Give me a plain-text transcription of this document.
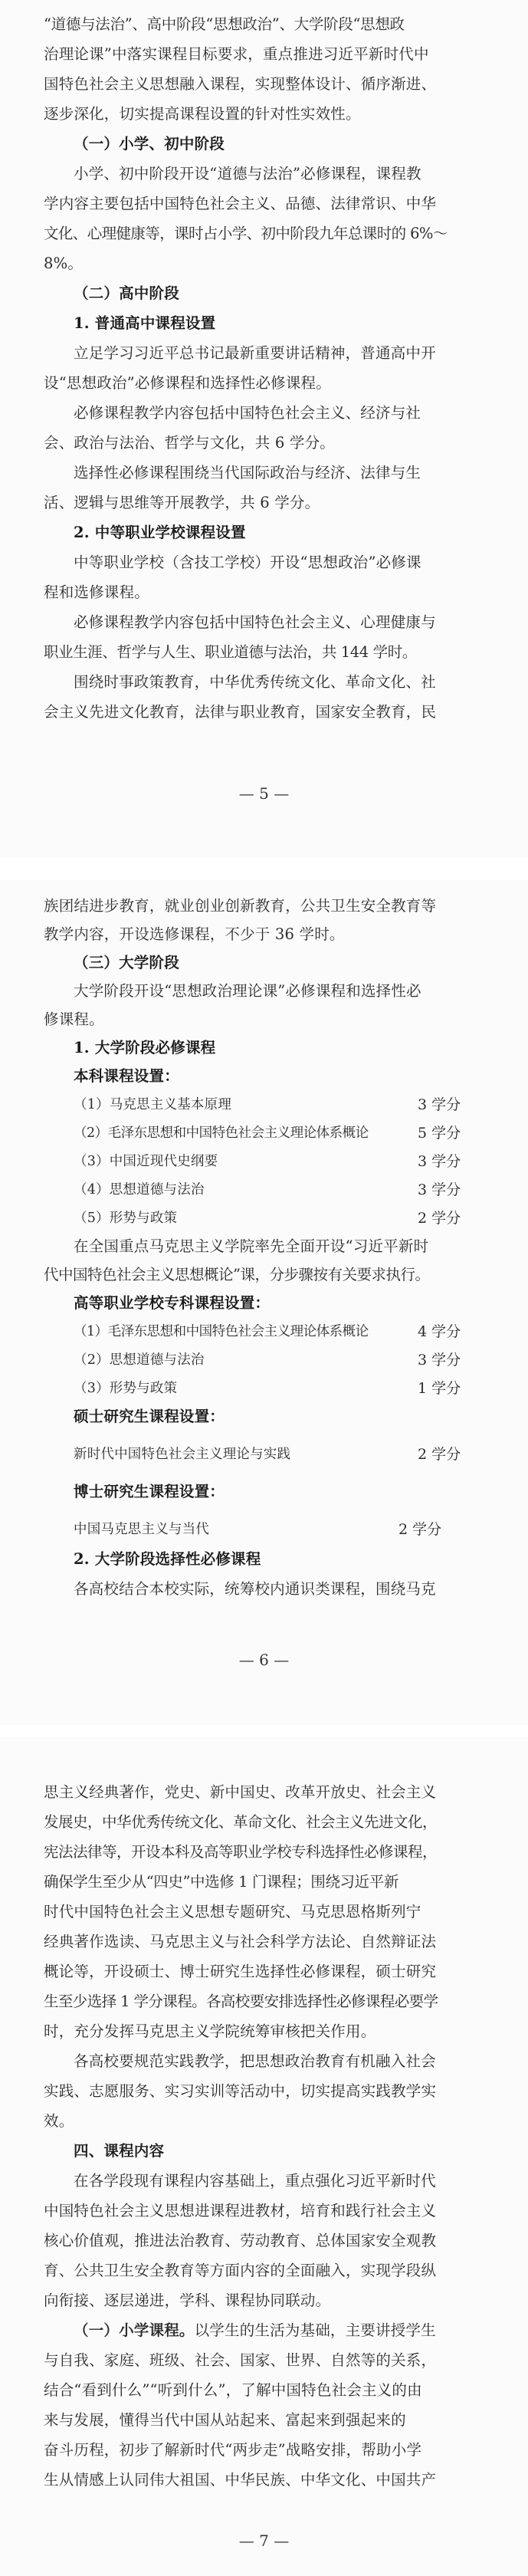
“道德与法治”、高中阶段“思想政治”、大学阶段“思想政
治理论课”中落实课程目标要求，重点推进习近平新时代中
国特色社会主义思想融入课程，实现整体设计、循序渐进、
逐步深化，切实提高课程设置的针对性实效性。
（一）小学、初中阶段
小学、初中阶段开设“道德与法治”必修课程，课程教
学内容主要包括中国特色社会主义、品德、法律常识、中华
文化、心理健康等，课时占小学、初中阶段九年总课时的 6%～
8%。
（二）高中阶段
1. 普通高中课程设置
立足学习习近平总书记最新重要讲话精神，普通高中开
设“思想政治”必修课程和选择性必修课程。
必修课程教学内容包括中国特色社会主义、经济与社
会、政治与法治、哲学与文化，共 6 学分。
选择性必修课程围绕当代国际政治与经济、法律与生
活、逻辑与思维等开展教学，共 6 学分。
2. 中等职业学校课程设置
中等职业学校（含技工学校）开设“思想政治”必修课
程和选修课程。
必修课程教学内容包括中国特色社会主义、心理健康与
职业生涯、哲学与人生、职业道德与法治，共 144 学时。
围绕时事政策教育，中华优秀传统文化、革命文化、社
会主义先进文化教育，法律与职业教育，国家安全教育，民
— 5 —
族团结进步教育，就业创业创新教育，公共卫生安全教育等
教学内容，开设选修课程，不少于 36 学时。
（三）大学阶段
大学阶段开设“思想政治理论课”必修课程和选择性必
修课程。
1. 大学阶段必修课程
本科课程设置：
（1）马克思主义基本原理	3 学分
（2）毛泽东思想和中国特色社会主义理论体系概论	5 学分
（3）中国近现代史纲要	3 学分
（4）思想道德与法治	3 学分
（5）形势与政策	2 学分
在全国重点马克思主义学院率先全面开设“习近平新时
代中国特色社会主义思想概论”课，分步骤按有关要求执行。
高等职业学校专科课程设置：
（1）毛泽东思想和中国特色社会主义理论体系概论	4 学分
（2）思想道德与法治	3 学分
（3）形势与政策	1 学分
硕士研究生课程设置：
新时代中国特色社会主义理论与实践	2 学分
博士研究生课程设置：
中国马克思主义与当代	2 学分
2. 大学阶段选择性必修课程
各高校结合本校实际，统筹校内通识类课程，围绕马克
— 6 —
思主义经典著作，党史、新中国史、改革开放史、社会主义
发展史，中华优秀传统文化、革命文化、社会主义先进文化，
宪法法律等，开设本科及高等职业学校专科选择性必修课程，
确保学生至少从“四史”中选修 1 门课程；围绕习近平新
时代中国特色社会主义思想专题研究、马克思恩格斯列宁
经典著作选读、马克思主义与社会科学方法论、自然辩证法
概论等，开设硕士、博士研究生选择性必修课程，硕士研究
生至少选择 1 学分课程。各高校要安排选择性必修课程必要学
时，充分发挥马克思主义学院统筹审核把关作用。
各高校要规范实践教学，把思想政治教育有机融入社会
实践、志愿服务、实习实训等活动中，切实提高实践教学实
效。
四、课程内容
在各学段现有课程内容基础上，重点强化习近平新时代
中国特色社会主义思想进课程进教材，培育和践行社会主义
核心价值观，推进法治教育、劳动教育、总体国家安全观教
育、公共卫生安全教育等方面内容的全面融入，实现学段纵
向衔接、逐层递进，学科、课程协同联动。
（一）小学课程。以学生的生活为基础，主要讲授学生
与自我、家庭、班级、社会、国家、世界、自然等的关系，
结合“看到什么”“听到什么”，了解中国特色社会主义的由
来与发展，懂得当代中国从站起来、富起来到强起来的
奋斗历程，初步了解新时代“两步走”战略安排，帮助小学
生从情感上认同伟大祖国、中华民族、中华文化、中国共产
— 7 —
